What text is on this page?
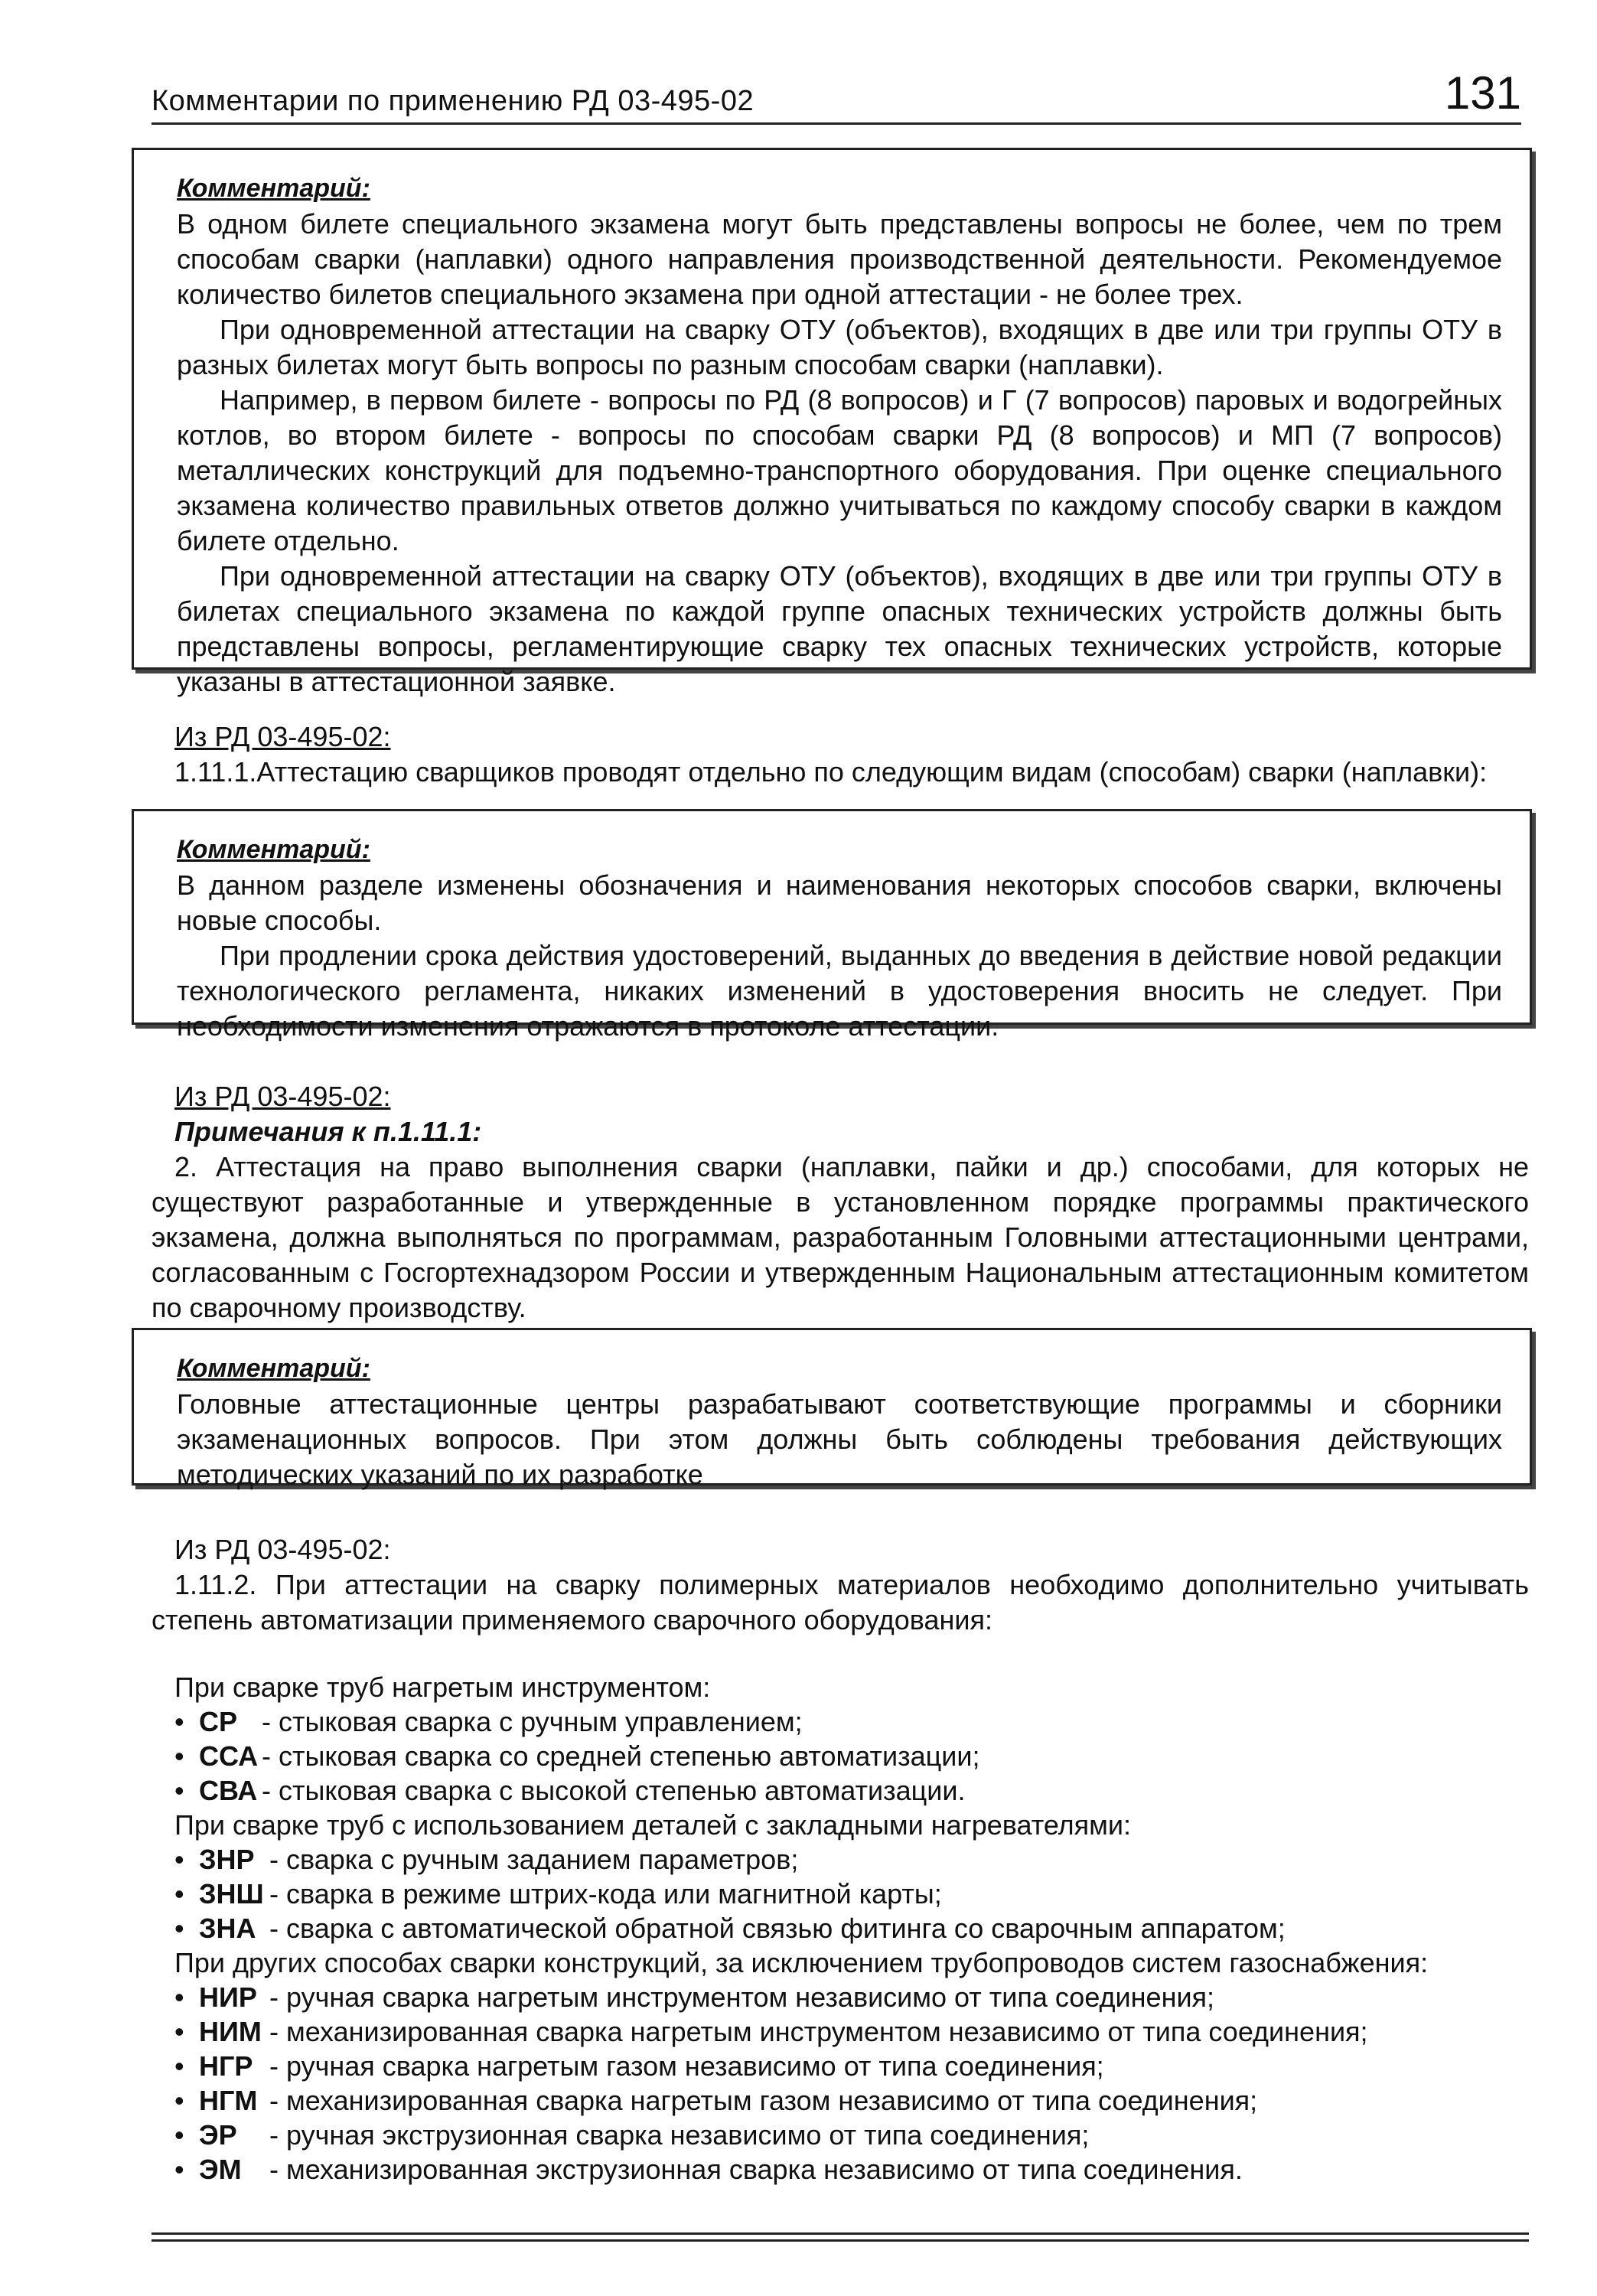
Комментарии по применению РД 03-495-02	131
Комментарий:

В одном билете специального экзамена могут быть представлены вопросы не более, чем по трем способам сварки (наплавки) одного направления производственной деятельности. Рекомендуемое количество билетов специального экзамена при одной аттестации - не более трех.

При одновременной аттестации на сварку ОТУ (объектов), входящих в две или три группы ОТУ в разных билетах могут быть вопросы по разным способам сварки (наплавки).

Например, в первом билете - вопросы по РД (8 вопросов) и Г (7 вопросов) паровых и водогрейных котлов, во втором билете - вопросы по способам сварки РД (8 вопросов) и МП (7 вопросов) металлических конструкций для подъемно-транспортного оборудования. При оценке специального экзамена количество правильных ответов должно учитываться по каждому способу сварки в каждом билете отдельно.

При одновременной аттестации на сварку ОТУ (объектов), входящих в две или три группы ОТУ в билетах специального экзамена по каждой группе опасных технических устройств должны быть представлены вопросы, регламентирующие сварку тех опасных технических устройств, которые указаны в аттестационной заявке.

Из РД 03-495-02:

1.11.1.Аттестацию сварщиков проводят отдельно по следующим видам (способам) сварки (наплавки):

Комментарий:

В данном разделе изменены обозначения и наименования некоторых способов сварки, включены новые способы.

При продлении срока действия удостоверений, выданных до введения в действие новой редакции технологического регламента, никаких изменений в удостоверения вносить не следует. При необходимости изменения отражаются в протоколе аттестации.

Из РД 03-495-02:
Примечания к п.1.11.1:

2. Аттестация на право выполнения сварки (наплавки, пайки и др.) способами, для которых не существуют разработанные и утвержденные в установленном порядке программы практического экзамена, должна выполняться по программам, разработанным Головными аттестационными центрами, согласованным с Госгортехнадзором России и утвержденным Национальным аттестационным комитетом по сварочному производству.

Комментарий:

Головные аттестационные центры разрабатывают соответствующие программы и сборники экзаменационных вопросов. При этом должны быть соблюдены требования действующих методических указаний по их разработке

Из РД 03-495-02:

1.11.2. При аттестации на сварку полимерных материалов необходимо дополнительно учитывать степень автоматизации применяемого сварочного оборудования:

При сварке труб нагретым инструментом:
• СР - стыковая сварка с ручным управлением;
• ССА - стыковая сварка со средней степенью автоматизации;
• СВА - стыковая сварка с высокой степенью автоматизации.
При сварке труб с использованием деталей с закладными нагревателями:
• ЗНР - сварка с ручным заданием параметров;
• ЗНШ - сварка в режиме штрих-кода или магнитной карты;
• ЗНА - сварка с автоматической обратной связью фитинга со сварочным аппаратом;
При других способах сварки конструкций, за исключением трубопроводов систем газоснабжения:
• НИР - ручная сварка нагретым инструментом независимо от типа соединения;
• НИМ - механизированная сварка нагретым инструментом независимо от типа соединения;
• НГР - ручная сварка нагретым газом независимо от типа соединения;
• НГМ - механизированная сварка нагретым газом независимо от типа соединения;
• ЭР - ручная экструзионная сварка независимо от типа соединения;
• ЭМ - механизированная экструзионная сварка независимо от типа соединения.
